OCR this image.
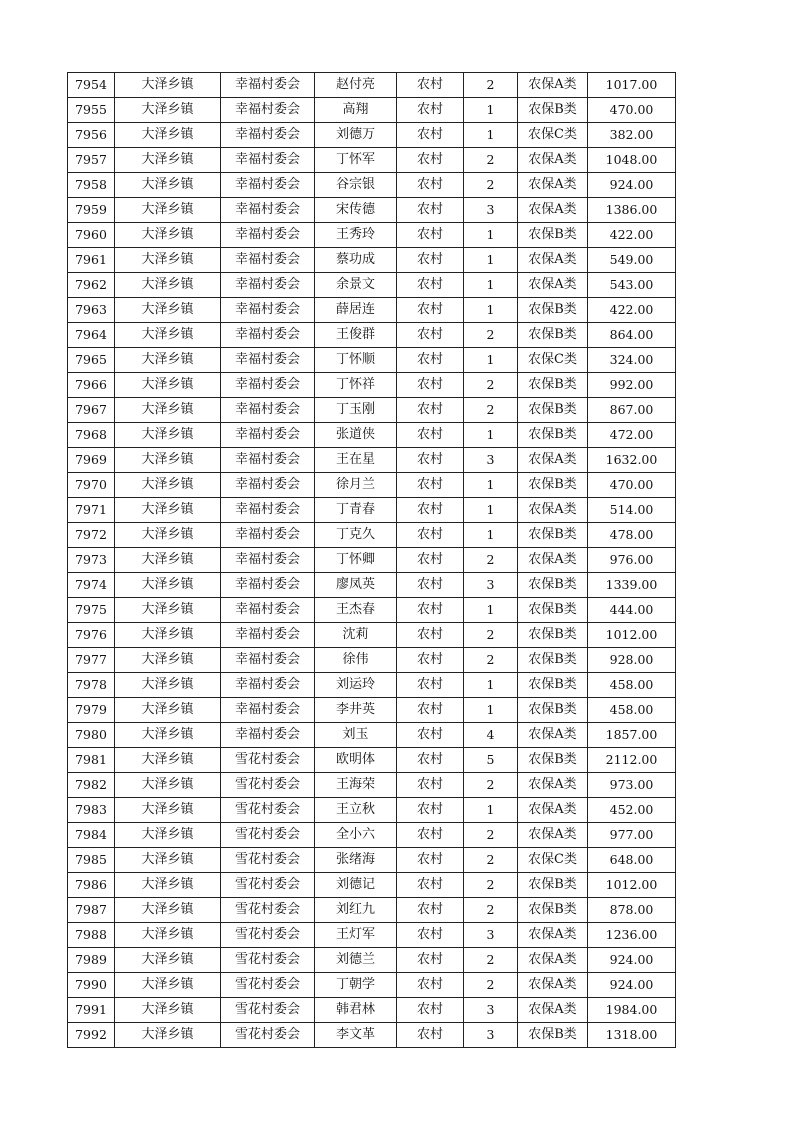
7954	大泽乡镇	幸福村委会	赵付亮	农村	2	农保A类	1017.00
7955	大泽乡镇	幸福村委会	高翔	农村	1	农保B类	470.00
7956	大泽乡镇	幸福村委会	刘德万	农村	1	农保C类	382.00
7957	大泽乡镇	幸福村委会	丁怀军	农村	2	农保A类	1048.00
7958	大泽乡镇	幸福村委会	谷宗银	农村	2	农保A类	924.00
7959	大泽乡镇	幸福村委会	宋传德	农村	3	农保A类	1386.00
7960	大泽乡镇	幸福村委会	王秀玲	农村	1	农保B类	422.00
7961	大泽乡镇	幸福村委会	蔡功成	农村	1	农保A类	549.00
7962	大泽乡镇	幸福村委会	余景文	农村	1	农保A类	543.00
7963	大泽乡镇	幸福村委会	薛居连	农村	1	农保B类	422.00
7964	大泽乡镇	幸福村委会	王俊群	农村	2	农保B类	864.00
7965	大泽乡镇	幸福村委会	丁怀顺	农村	1	农保C类	324.00
7966	大泽乡镇	幸福村委会	丁怀祥	农村	2	农保B类	992.00
7967	大泽乡镇	幸福村委会	丁玉刚	农村	2	农保B类	867.00
7968	大泽乡镇	幸福村委会	张道侠	农村	1	农保B类	472.00
7969	大泽乡镇	幸福村委会	王在星	农村	3	农保A类	1632.00
7970	大泽乡镇	幸福村委会	徐月兰	农村	1	农保B类	470.00
7971	大泽乡镇	幸福村委会	丁青春	农村	1	农保A类	514.00
7972	大泽乡镇	幸福村委会	丁克久	农村	1	农保B类	478.00
7973	大泽乡镇	幸福村委会	丁怀卿	农村	2	农保A类	976.00
7974	大泽乡镇	幸福村委会	廖凤英	农村	3	农保B类	1339.00
7975	大泽乡镇	幸福村委会	王杰春	农村	1	农保B类	444.00
7976	大泽乡镇	幸福村委会	沈莉	农村	2	农保B类	1012.00
7977	大泽乡镇	幸福村委会	徐伟	农村	2	农保B类	928.00
7978	大泽乡镇	幸福村委会	刘运玲	农村	1	农保B类	458.00
7979	大泽乡镇	幸福村委会	李井英	农村	1	农保B类	458.00
7980	大泽乡镇	幸福村委会	刘玉	农村	4	农保A类	1857.00
7981	大泽乡镇	雪花村委会	欧明体	农村	5	农保B类	2112.00
7982	大泽乡镇	雪花村委会	王海荣	农村	2	农保A类	973.00
7983	大泽乡镇	雪花村委会	王立秋	农村	1	农保A类	452.00
7984	大泽乡镇	雪花村委会	全小六	农村	2	农保A类	977.00
7985	大泽乡镇	雪花村委会	张绪海	农村	2	农保C类	648.00
7986	大泽乡镇	雪花村委会	刘德记	农村	2	农保B类	1012.00
7987	大泽乡镇	雪花村委会	刘红九	农村	2	农保B类	878.00
7988	大泽乡镇	雪花村委会	王灯军	农村	3	农保A类	1236.00
7989	大泽乡镇	雪花村委会	刘德兰	农村	2	农保A类	924.00
7990	大泽乡镇	雪花村委会	丁朝学	农村	2	农保A类	924.00
7991	大泽乡镇	雪花村委会	韩君林	农村	3	农保A类	1984.00
7992	大泽乡镇	雪花村委会	李文革	农村	3	农保B类	1318.00
